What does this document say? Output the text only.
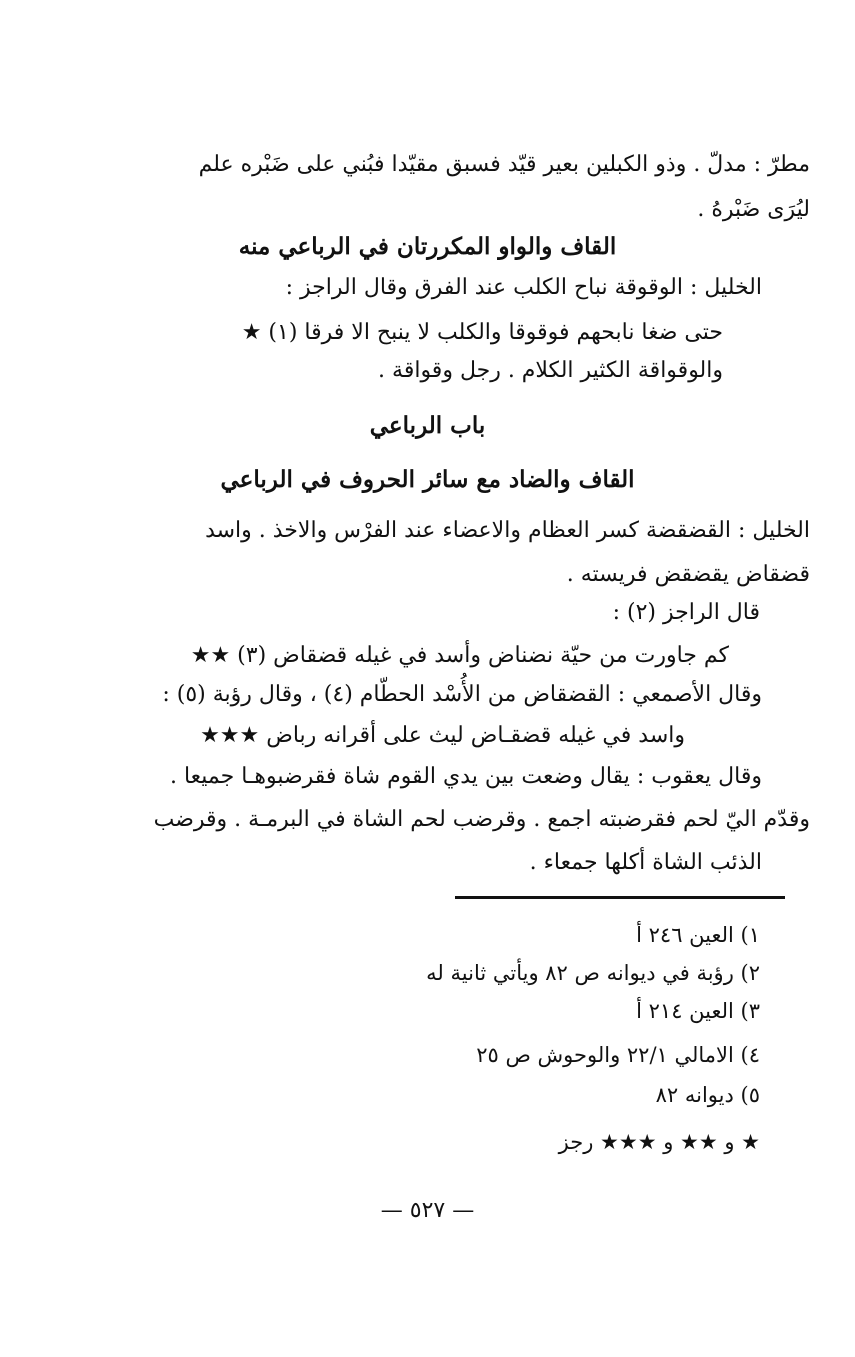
مطرّ : مدلّ . وذو الكبلين بعير قيّد فسبق مقيّدا فبُني على ضَبْره علم
ليُرَى ضَبْرهُ .
القاف والواو المكررتان في الرباعي منه
الخليل : الوقوقة نباح الكلب عند الفرق وقال الراجز :
حتى ضغا نابحهم فوقوقا والكلب لا ينبح الا فرقا (١) ★
والوقواقة الكثير الكلام . رجل وقواقة .
باب الرباعي
القاف والضاد مع سائر الحروف في الرباعي
الخليل : القضقضة كسر العظام والاعضاء عند الفرْس والاخذ . واسد
قضقاض يقضقض فريسته .
قال الراجز (٢) :
كم جاورت من حيّة نضناض وأسد في غيله قضقاض (٣) ★★
وقال الأصمعي : القضقاض من الأُسْد الحطّام (٤) ، وقال رؤبة (٥) :
واسد في غيله قضقـاض ليث على أقرانه رباض ★★★
وقال يعقوب : يقال وضعت بين يدي القوم شاة فقرضبوهـا جميعا .
وقدّم اليّ لحم فقرضبته اجمع . وقرضب لحم الشاة في البرمـة . وقرضب
الذئب الشاة أكلها جمعاء .
١) العين ٢٤٦ أ
٢) رؤبة في ديوانه ص ٨٢ ويأتي ثانية له
٣) العين ٢١٤ أ
٤) الامالي ٢٢/١ والوحوش ص ٢٥
٥) ديوانه ٨٢
★ و ★★ و ★★★ رجز
— ٥٢٧ —
